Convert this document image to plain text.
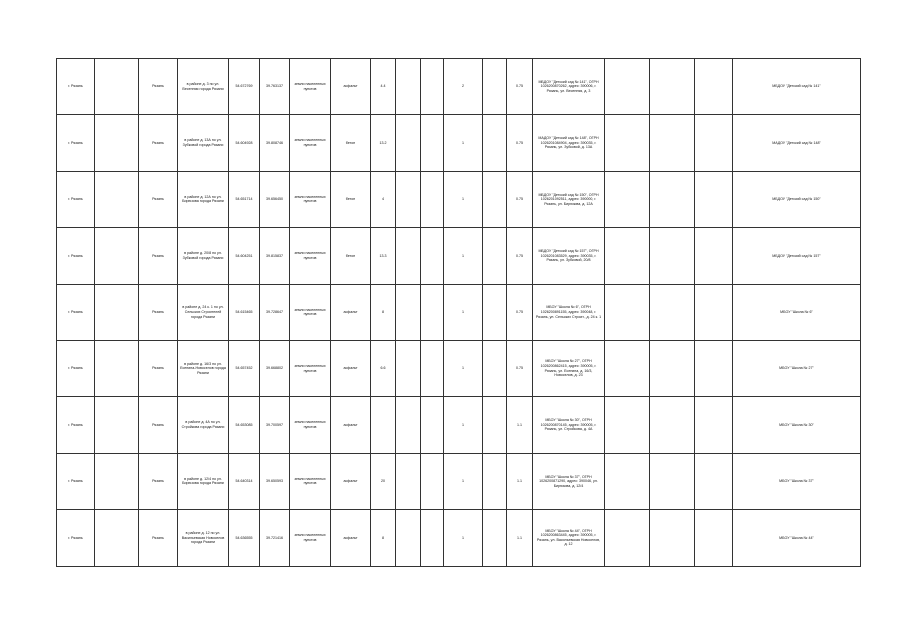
г. Рязань		Рязань	в районе д. 3 по ул. Весенняя города Рязани	54.672769	39.763137	земли населенных пунктов	асфальт	4.4			2		0.75	МБДОУ "Детский сад № 141", ОГРН 1026200870262, адрес: 390006, г. Рязань, ул. Весенняя, д. 3				МБДОУ "Детский сад № 141"
г. Рязань		Рязань	в районе д. 13А по ул. Зубковой города Рязани	54.604928	39.808746	земли населенных пунктов	бетон	13.2			1		0.75	МАДОУ "Детский сад № 148", ОГРН 1026201084904, адрес: 390035, г. Рязань, ул. Зубковой, д. 13А				МАДОУ "Детский сад № 148"
г. Рязань		Рязань	в районе д. 12А по ул. Бирюзова города Рязани	54.651714	39.656450	земли населенных пунктов	бетон	4			1		0.75	МБДОУ "Детский сад № 150", ОГРН 1026201092511, адрес: 390000, г. Рязань, ул. Бирюзова, д. 12А				МБДОУ "Детский сад № 150"
г. Рязань		Рязань	в районе д. 20/8 по ул. Зубковой города Рязани	54.604251	39.815837	земли населенных пунктов	бетон	13.3			1		0.75	МБДОУ "Детский сад № 157", ОГРН 1026201083529, адрес: 390035, г. Рязань, ул. Зубковой, 20/8				МБДОУ "Детский сад № 157"
г. Рязань		Рязань	в районе д. 24 к. 1 по ул. Сельских Строителей города Рязани	54.615465	39.728647	земли населенных пунктов	асфальт	8			1		0.75	МБОУ "Школа № 6", ОГРН 1026200891155, адрес: 390048, г. Рязань, ул. Сельских Строит., д. 24 к. 1				МБОУ "Школа № 6"
г. Рязань		Рязань	в районе д. 16/3 по ул. Есенина-Новоселов города Рязани	54.657452	39.668802	земли населенных пунктов	асфальт	6.6			1		0.75	МБОУ "Школа № 27", ОГРН 1026200862415, адрес: 390005, г. Рязань, ул. Есенина, д. 16/3, Новоселов, д. 23				МБОУ "Школа № 27"
г. Рязань		Рязань	в районе д. 4А по ул. Стройкова города Рязани	54.653085	39.700597	земли населенных пунктов	асфальт				1		1.1	МБОУ "Школа № 30", ОГРН 1026200870145, адрес: 390005, г. Рязань, ул. Стройкова, д. 4А				МБОУ "Школа № 30"
г. Рязань		Рязань	в районе д. 12/4 по ул. Бирюзова города Рязани	54.640314	39.650593	земли населенных пунктов	асфальт	20			1		1.1	МБОУ "Школа № 37", ОГРН 1026200871290, адрес: 390046, ул. Бирюзова, д. 12/4				МБОУ "Школа № 37"
г. Рязань		Рязань	в районе д. 12 по ул. Васильевская Новоселов города Рязани	54.636555	39.721416	земли населенных пунктов	асфальт	8			1		1.1	МБОУ "Школа № 44", ОГРН 1026200863445, адрес: 390005, г. Рязань, ул. Васильевская Новоселов, д. 12				МБОУ "Школа № 44"
